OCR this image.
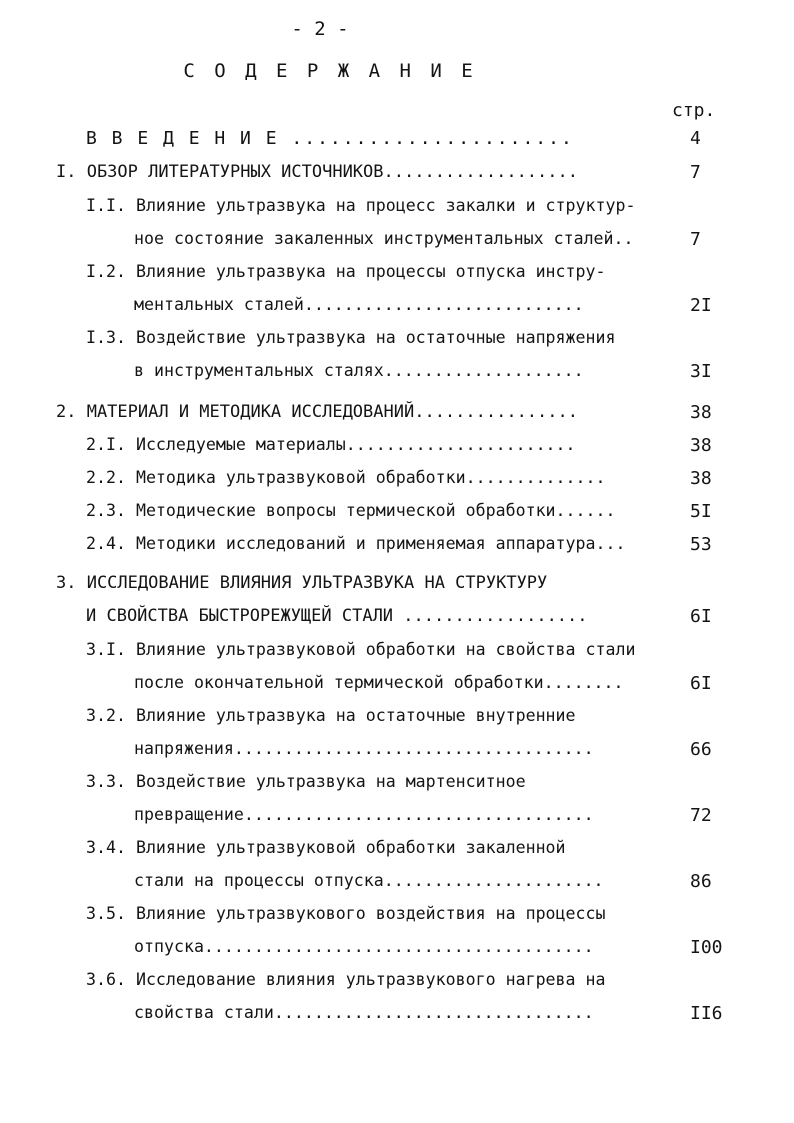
- 2 -
С О Д Е Р Ж А Н И Е
стр.
В В Е Д Е Н И Е ......................	4
I. ОБЗОР ЛИТЕРАТУРНЫХ ИСТОЧНИКОВ...................	7
I.I. Влияние ультразвука на процесс закалки и структур-
ное состояние закаленных инструментальных сталей..	7
I.2. Влияние ультразвука на процессы отпуска инстру-
ментальных сталей............................	2I
I.3. Воздействие ультразвука на остаточные напряжения
в инструментальных сталях....................	3I
2. МАТЕРИАЛ И МЕТОДИКА ИССЛЕДОВАНИЙ................	38
2.I. Исследуемые материалы.......................	38
2.2. Методика ультразвуковой обработки..............	38
2.3. Методические вопросы термической обработки......	5I
2.4. Методики исследований и применяемая аппаратура...	53
3. ИССЛЕДОВАНИЕ ВЛИЯНИЯ УЛЬТРАЗВУКА НА СТРУКТУРУ
И СВОЙСТВА БЫСТРОРЕЖУЩЕЙ СТАЛИ ..................	6I
3.I. Влияние ультразвуковой обработки на свойства стали
после окончательной термической обработки........	6I
3.2. Влияние ультразвука на остаточные внутренние
напряжения....................................	66
3.3. Воздействие ультразвука на мартенситное
превращение...................................	72
3.4. Влияние ультразвуковой обработки закаленной
стали на процессы отпуска......................	86
3.5. Влияние ультразвукового воздействия на процессы
отпуска.......................................	I00
3.6. Исследование влияния ультразвукового нагрева на
свойства стали................................	II6
